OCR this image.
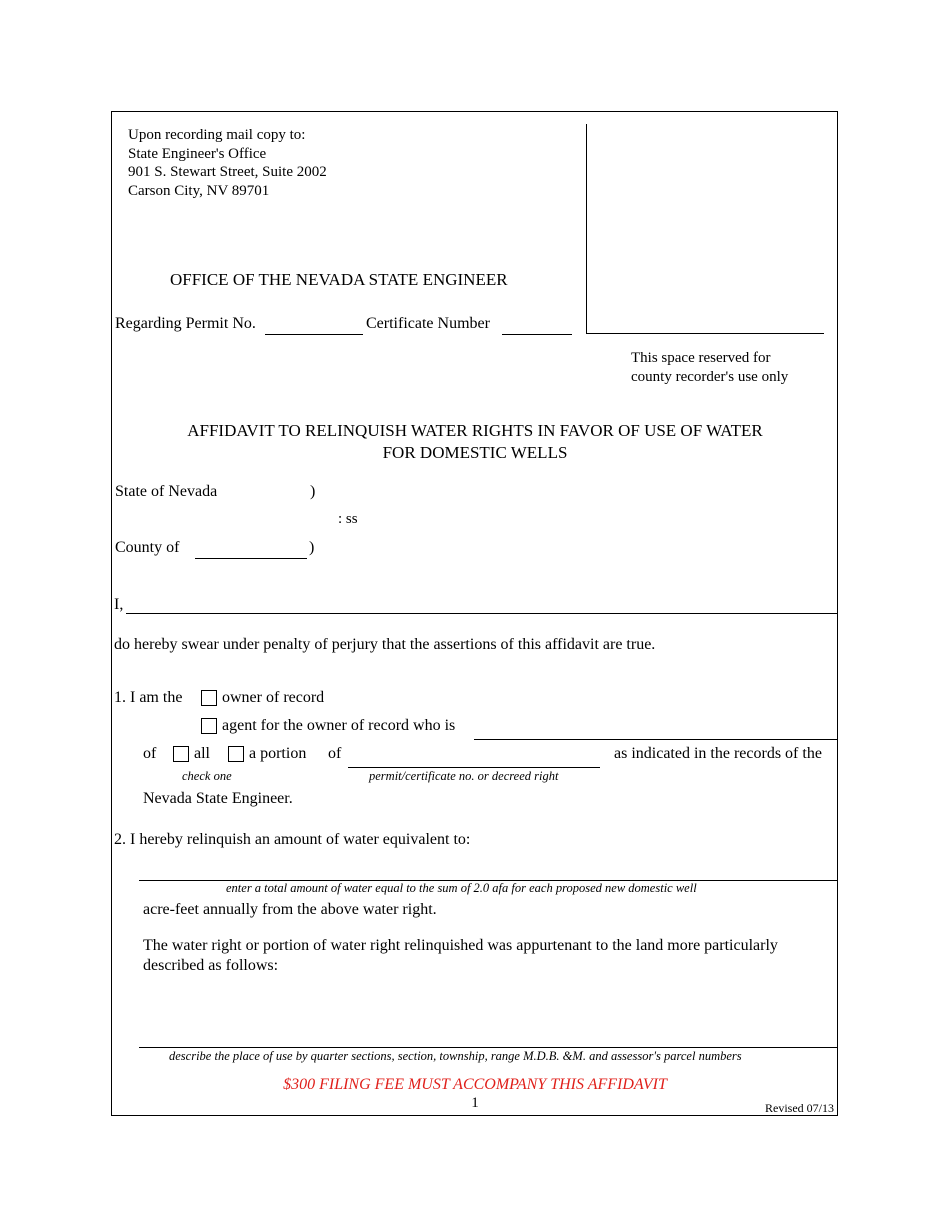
Upon recording mail copy to:
State Engineer's Office
901 S. Stewart Street, Suite 2002
Carson City, NV 89701
OFFICE OF THE NEVADA STATE ENGINEER
Regarding Permit No.	Certificate Number
This space reserved for
county recorder's use only
AFFIDAVIT TO RELINQUISH WATER RIGHTS IN FAVOR OF USE OF WATER
FOR DOMESTIC WELLS
State of Nevada	)
: ss
County of	)
I,
do hereby swear under penalty of perjury that the assertions of this affidavit are true.
1. I am the owner of record
agent for the owner of record who is
of all a portion of	as indicated in the records of the
check one	permit/certificate no. or decreed right
Nevada State Engineer.
2. I hereby relinquish an amount of water equivalent to:
enter a total amount of water equal to the sum of 2.0 afa for each proposed new domestic well
acre-feet annually from the above water right.
The water right or portion of water right relinquished was appurtenant to the land more particularly
described as follows:
describe the place of use by quarter sections, section, township, range M.D.B. &M. and assessor's parcel numbers
$300 FILING FEE MUST ACCOMPANY THIS AFFIDAVIT
1	Revised 07/13
